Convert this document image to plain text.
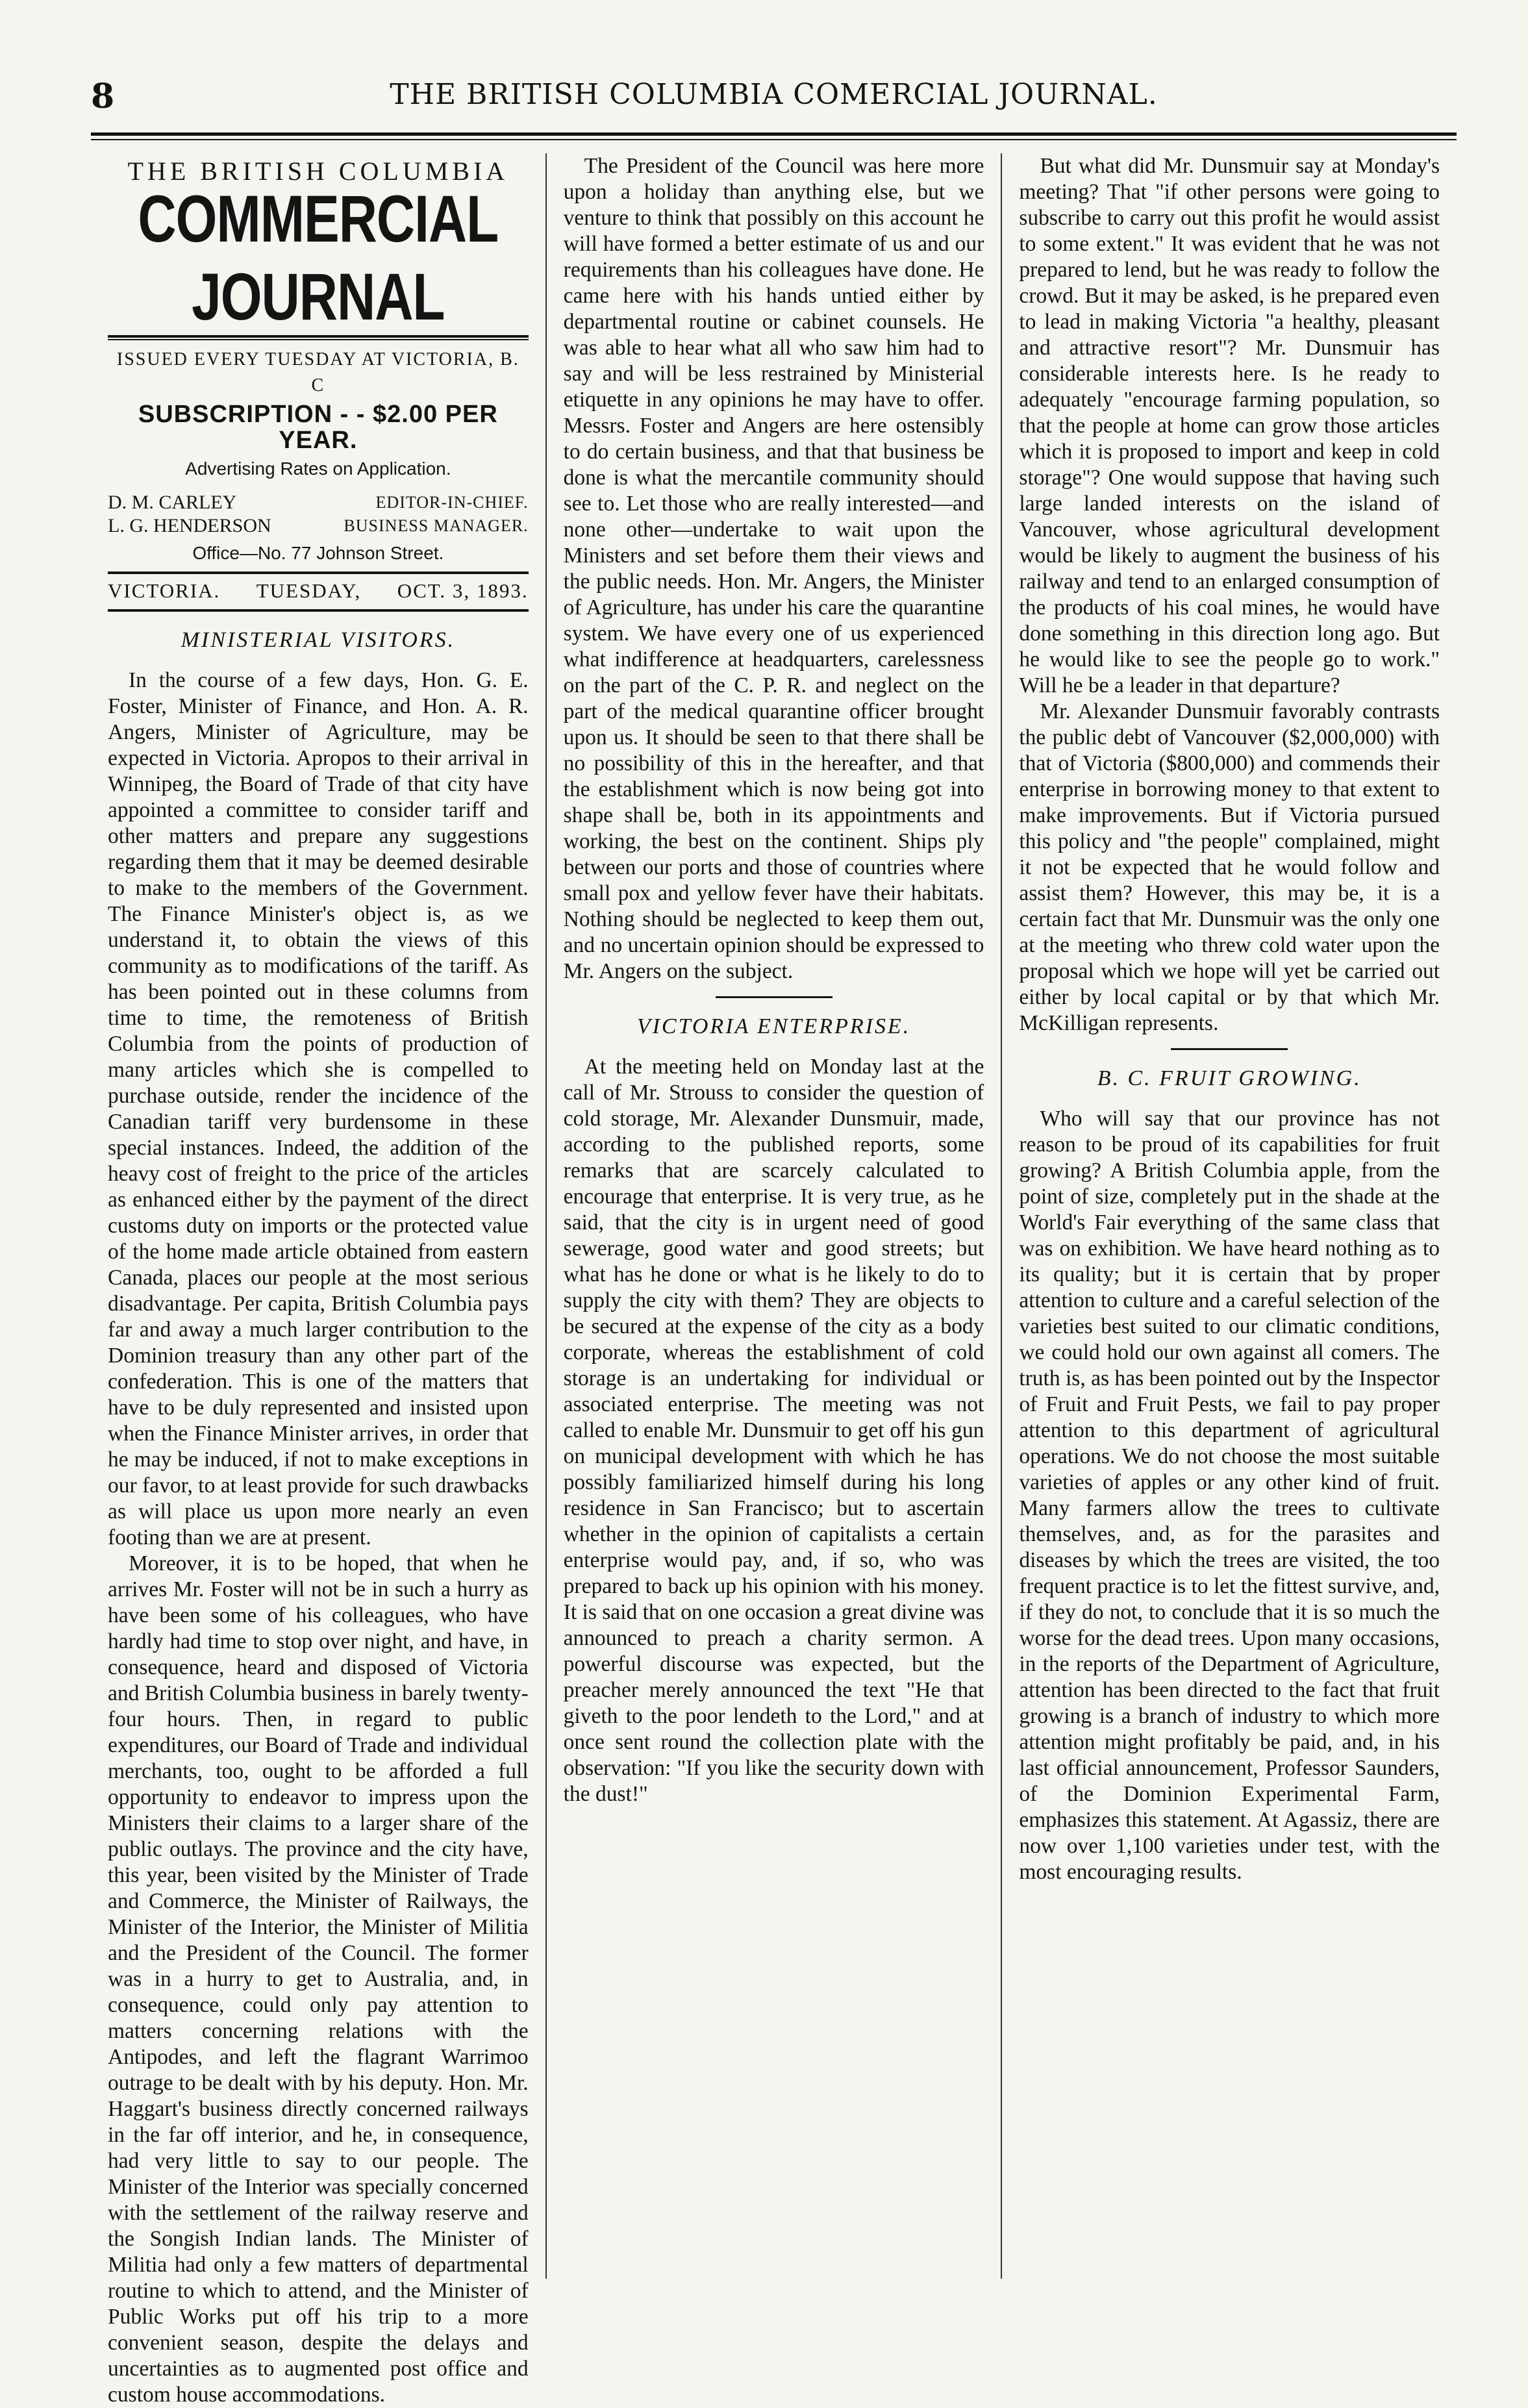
8	THE BRITISH COLUMBIA COMERCIAL JOURNAL.
THE BRITISH COLUMBIA
COMMERCIAL JOURNAL
ISSUED EVERY TUESDAY AT VICTORIA, B. C
SUBSCRIPTION - - $2.00 PER YEAR.
Advertising Rates on Application.
D. M. CARLEY	EDITOR-IN-CHIEF.
L. G. HENDERSON	BUSINESS MANAGER.
Office—No. 77 Johnson Street.
VICTORIA. TUESDAY, OCT. 3, 1893.
MINISTERIAL VISITORS.

In the course of a few days, Hon. G. E. Foster, Minister of Finance, and Hon. A. R. Angers, Minister of Agriculture, may be expected in Victoria. Apropos to their arrival in Winnipeg, the Board of Trade of that city have appointed a committee to consider tariff and other matters and prepare any suggestions regarding them that it may be deemed desirable to make to the members of the Government. The Finance Minister's object is, as we understand it, to obtain the views of this community as to modifications of the tariff. As has been pointed out in these columns from time to time, the remoteness of British Columbia from the points of production of many articles which she is compelled to purchase outside, render the incidence of the Canadian tariff very burdensome in these special instances. Indeed, the addition of the heavy cost of freight to the price of the articles as enhanced either by the payment of the direct customs duty on imports or the protected value of the home made article obtained from eastern Canada, places our people at the most serious disadvantage. Per capita, British Columbia pays far and away a much larger contribution to the Dominion treasury than any other part of the confederation. This is one of the matters that have to be duly represented and insisted upon when the Finance Minister arrives, in order that he may be induced, if not to make exceptions in our favor, to at least provide for such drawbacks as will place us upon more nearly an even footing than we are at present.

Moreover, it is to be hoped, that when he arrives Mr. Foster will not be in such a hurry as have been some of his colleagues, who have hardly had time to stop over night, and have, in consequence, heard and disposed of Victoria and British Columbia business in barely twenty-four hours. Then, in regard to public expenditures, our Board of Trade and individual merchants, too, ought to be afforded a full opportunity to endeavor to impress upon the Ministers their claims to a larger share of the public outlays. The province and the city have, this year, been visited by the Minister of Trade and Commerce, the Minister of Railways, the Minister of the Interior, the Minister of Militia and the President of the Council. The former was in a hurry to get to Australia, and, in consequence, could only pay attention to matters concerning relations with the Antipodes, and left the flagrant Warrimoo outrage to be dealt with by his deputy. Hon. Mr. Haggart's business directly concerned railways in the far off interior, and he, in consequence, had very little to say to our people. The Minister of the Interior was specially concerned with the settlement of the railway reserve and the Songish Indian lands. The Minister of Militia had only a few matters of departmental routine to which to attend, and the Minister of Public Works put off his trip to a more convenient season, despite the delays and uncertainties as to augmented post office and custom house accommodations.

The President of the Council was here more upon a holiday than anything else, but we venture to think that possibly on this account he will have formed a better estimate of us and our requirements than his colleagues have done. He came here with his hands untied either by departmental routine or cabinet counsels. He was able to hear what all who saw him had to say and will be less restrained by Ministerial etiquette in any opinions he may have to offer. Messrs. Foster and Angers are here ostensibly to do certain business, and that that business be done is what the mercantile community should see to. Let those who are really interested—and none other—undertake to wait upon the Ministers and set before them their views and the public needs. Hon. Mr. Angers, the Minister of Agriculture, has under his care the quarantine system. We have every one of us experienced what indifference at headquarters, carelessness on the part of the C. P. R. and neglect on the part of the medical quarantine officer brought upon us. It should be seen to that there shall be no possibility of this in the hereafter, and that the establishment which is now being got into shape shall be, both in its appointments and working, the best on the continent. Ships ply between our ports and those of countries where small pox and yellow fever have their habitats. Nothing should be neglected to keep them out, and no uncertain opinion should be expressed to Mr. Angers on the subject.

VICTORIA ENTERPRISE.

At the meeting held on Monday last at the call of Mr. Strouss to consider the question of cold storage, Mr. Alexander Dunsmuir, made, according to the published reports, some remarks that are scarcely calculated to encourage that enterprise. It is very true, as he said, that the city is in urgent need of good sewerage, good water and good streets; but what has he done or what is he likely to do to supply the city with them? They are objects to be secured at the expense of the city as a body corporate, whereas the establishment of cold storage is an undertaking for individual or associated enterprise. The meeting was not called to enable Mr. Dunsmuir to get off his gun on municipal development with which he has possibly familiarized himself during his long residence in San Francisco; but to ascertain whether in the opinion of capitalists a certain enterprise would pay, and, if so, who was prepared to back up his opinion with his money. It is said that on one occasion a great divine was announced to preach a charity sermon. A powerful discourse was expected, but the preacher merely announced the text "He that giveth to the poor lendeth to the Lord," and at once sent round the collection plate with the observation: "If you like the security down with the dust!"

But what did Mr. Dunsmuir say at Monday's meeting? That "if other persons were going to subscribe to carry out this profit he would assist to some extent." It was evident that he was not prepared to lend, but he was ready to follow the crowd. But it may be asked, is he prepared even to lead in making Victoria "a healthy, pleasant and attractive resort"? Mr. Dunsmuir has considerable interests here. Is he ready to adequately "encourage farming population, so that the people at home can grow those articles which it is proposed to import and keep in cold storage"? One would suppose that having such large landed interests on the island of Vancouver, whose agricultural development would be likely to augment the business of his railway and tend to an enlarged consumption of the products of his coal mines, he would have done something in this direction long ago. But he would like to see the people go to work." Will he be a leader in that departure?

Mr. Alexander Dunsmuir favorably contrasts the public debt of Vancouver ($2,000,000) with that of Victoria ($800,000) and commends their enterprise in borrowing money to that extent to make improvements. But if Victoria pursued this policy and "the people" complained, might it not be expected that he would follow and assist them? However, this may be, it is a certain fact that Mr. Dunsmuir was the only one at the meeting who threw cold water upon the proposal which we hope will yet be carried out either by local capital or by that which Mr. McKilligan represents.

B. C. FRUIT GROWING.

Who will say that our province has not reason to be proud of its capabilities for fruit growing? A British Columbia apple, from the point of size, completely put in the shade at the World's Fair everything of the same class that was on exhibition. We have heard nothing as to its quality; but it is certain that by proper attention to culture and a careful selection of the varieties best suited to our climatic conditions, we could hold our own against all comers. The truth is, as has been pointed out by the Inspector of Fruit and Fruit Pests, we fail to pay proper attention to this department of agricultural operations. We do not choose the most suitable varieties of apples or any other kind of fruit. Many farmers allow the trees to cultivate themselves, and, as for the parasites and diseases by which the trees are visited, the too frequent practice is to let the fittest survive, and, if they do not, to conclude that it is so much the worse for the dead trees. Upon many occasions, in the reports of the Department of Agriculture, attention has been directed to the fact that fruit growing is a branch of industry to which more attention might profitably be paid, and, in his last official announcement, Professor Saunders, of the Dominion Experimental Farm, emphasizes this statement. At Agassiz, there are now over 1,100 varieties under test, with the most encouraging results.
